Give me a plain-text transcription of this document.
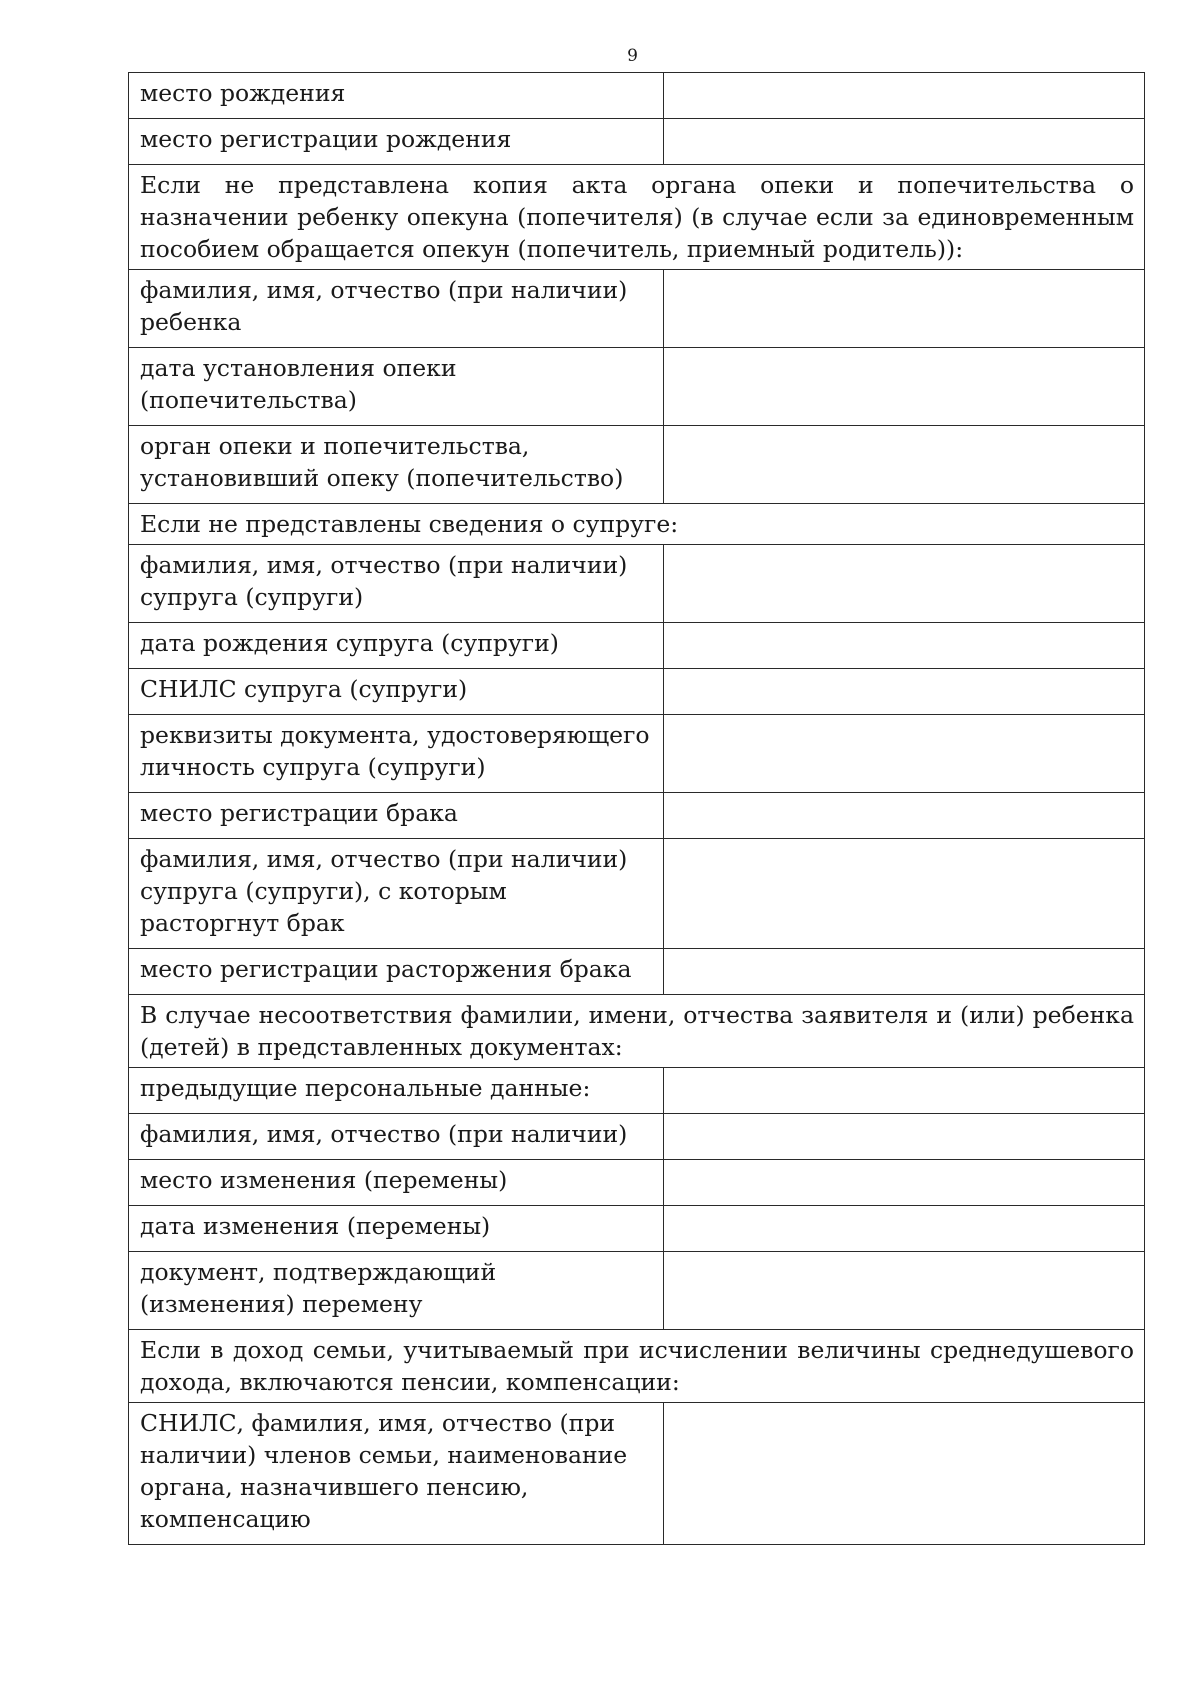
9
место рождения	
место регистрации рождения	
Если не представлена копия акта органа опеки и попечительства о назначении ребенку опекуна (попечителя) (в случае если за единовременным пособием обращается опекун (попечитель, приемный родитель)):	
фамилия, имя, отчество (при наличии) ребенка	
дата установления опеки (попечительства)	
орган опеки и попечительства, установивший опеку (попечительство)	
Если не представлены сведения о супруге:	
фамилия, имя, отчество (при наличии) супруга (супруги)	
дата рождения супруга (супруги)	
СНИЛС супруга (супруги)	
реквизиты документа, удостоверяющего личность супруга (супруги)	
место регистрации брака	
фамилия, имя, отчество (при наличии) супруга (супруги), с которым расторгнут брак	
место регистрации расторжения брака	
В случае несоответствия фамилии, имени, отчества заявителя и (или) ребенка (детей) в представленных документах:	
предыдущие персональные данные:	
фамилия, имя, отчество (при наличии)	
место изменения (перемены)	
дата изменения (перемены)	
документ, подтверждающий (изменения) перемену	
Если в доход семьи, учитываемый при исчислении величины среднедушевого дохода, включаются пенсии, компенсации:	
СНИЛС, фамилия, имя, отчество (при наличии) членов семьи, наименование органа, назначившего пенсию, компенсацию	
